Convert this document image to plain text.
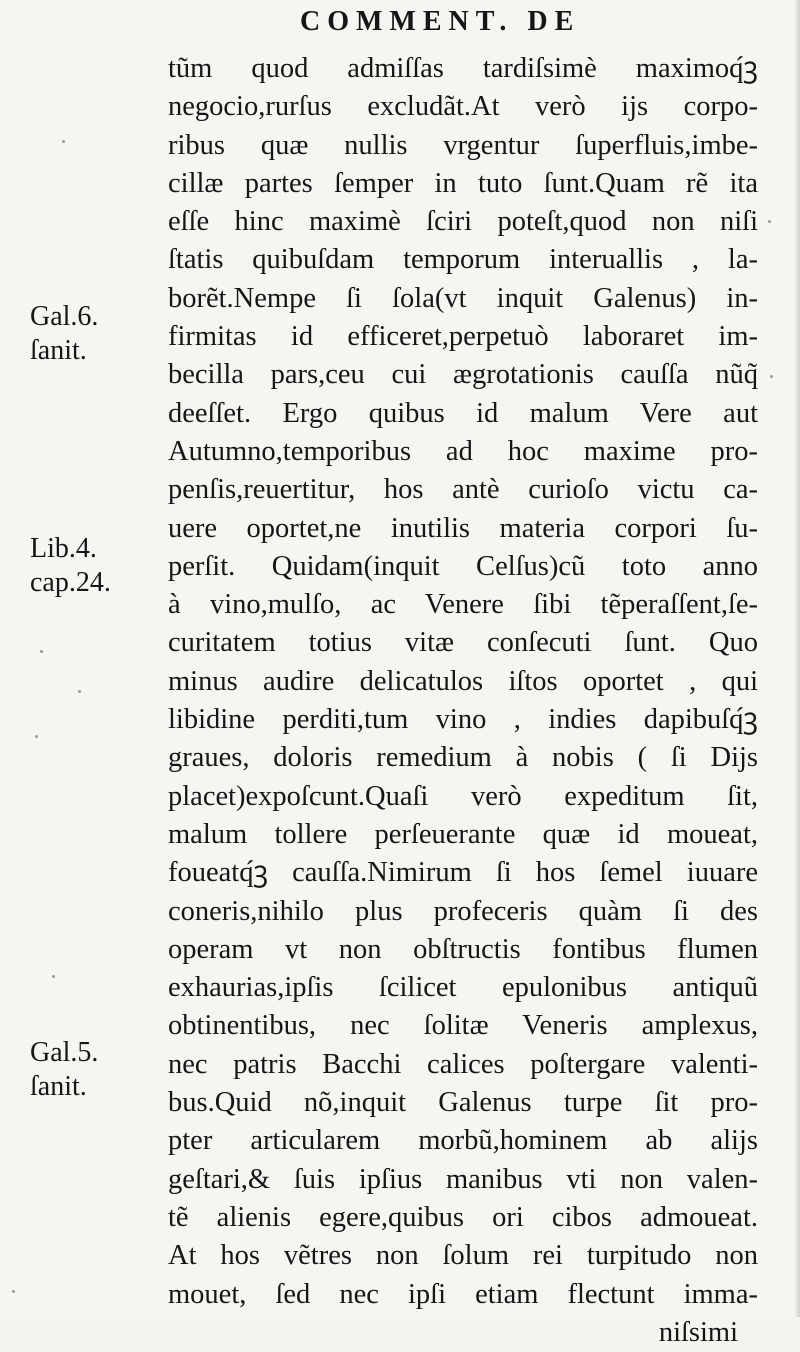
COMMENT. DE
Gal.6.
ſanit.
Lib.4.
cap.24.
Gal.5.
ſanit.
tũm quod admiſſas tardiſsimè maximoq́ꝫ
negocio,rurſus excludãt.At verò ijs corpo-
ribus quæ nullis vrgentur ſuperfluis,imbe-
cillæ partes ſemper in tuto ſunt.Quam rẽ ita
eſſe hinc maximè ſciri poteſt,quod non niſi
ſtatis quibuſdam temporum interuallis , la-
borẽt.Nempe ſi ſola(vt inquit Galenus) in-
firmitas id efficeret,perpetuò laboraret im-
becilla pars,ceu cui ægrotationis cauſſa nũq̃
deeſſet. Ergo quibus id malum Vere aut
Autumno,temporibus ad hoc maxime pro-
penſis,reuertitur, hos antè curioſo victu ca-
uere oportet,ne inutilis materia corpori ſu-
perſit. Quidam(inquit Celſus)cũ toto anno
à vino,mulſo, ac Venere ſibi tẽperaſſent,ſe-
curitatem totius vitæ conſecuti ſunt. Quo
minus audire delicatulos iſtos oportet , qui
libidine perditi,tum vino , indies dapibuſq́ꝫ
graues, doloris remedium à nobis ( ſi Dijs
placet)expoſcunt.Quaſi verò expeditum ſit,
malum tollere perſeuerante quæ id moueat,
foueatq́ꝫ cauſſa.Nimirum ſi hos ſemel iuuare
coneris,nihilo plus profeceris quàm ſi des
operam vt non obſtructis fontibus flumen
exhaurias,ipſis ſcilicet epulonibus antiquũ
obtinentibus, nec ſolitæ Veneris amplexus,
nec patris Bacchi calices poſtergare valenti-
bus.Quid nõ,inquit Galenus turpe ſit pro-
pter articularem morbũ,hominem ab alijs
geſtari,& ſuis ipſius manibus vti non valen-
tẽ alienis egere,quibus ori cibos admoueat.
At hos vẽtres non ſolum rei turpitudo non
mouet, ſed nec ipſi etiam flectunt imma-
niſsimi
